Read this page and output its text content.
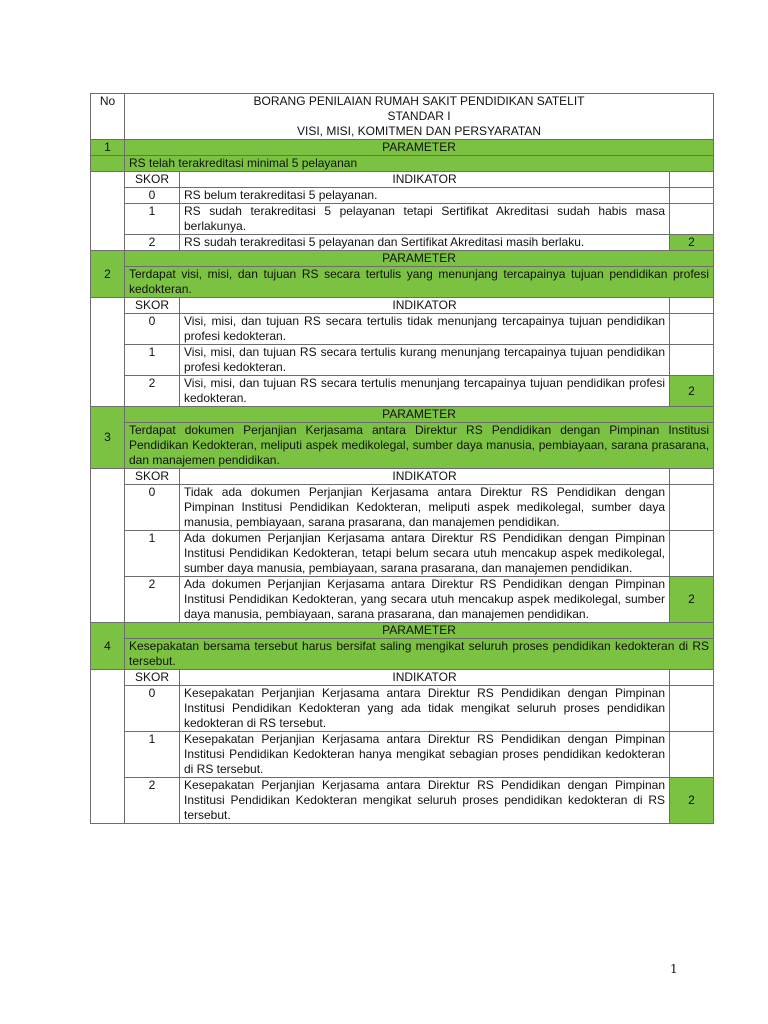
No	BORANG PENILAIAN RUMAH SAKIT PENDIDIKAN SATELIT
STANDAR I
VISI, MISI, KOMITMEN DAN PERSYARATAN		

1	PARAMETER		
	RS telah terakreditasi minimal 5 pelayanan		
	SKOR	INDIKATOR	
	0	RS belum terakreditasi 5 pelayanan.	
	1	RS sudah terakreditasi 5 pelayanan tetapi Sertifikat Akreditasi sudah habis masa berlakunya.	
	2	RS sudah terakreditasi 5 pelayanan dan Sertifikat Akreditasi masih berlaku.	2
2	PARAMETER		
	Terdapat visi, misi, dan tujuan RS secara tertulis yang menunjang tercapainya tujuan pendidikan profesi kedokteran.		
	SKOR	INDIKATOR	
	0	Visi, misi, dan tujuan RS secara tertulis tidak menunjang tercapainya tujuan pendidikan profesi kedokteran.	
	1	Visi, misi, dan tujuan RS secara tertulis kurang menunjang tercapainya tujuan pendidikan profesi kedokteran.	
	2	Visi, misi, dan tujuan RS secara tertulis menunjang tercapainya tujuan pendidikan profesi kedokteran.	2
3	PARAMETER		
	Terdapat dokumen Perjanjian Kerjasama antara Direktur RS Pendidikan dengan Pimpinan Institusi Pendidikan Kedokteran, meliputi aspek medikolegal, sumber daya manusia, pembiayaan, sarana prasarana, dan manajemen pendidikan.		
	SKOR	INDIKATOR	
	0	Tidak ada dokumen Perjanjian Kerjasama antara Direktur RS Pendidikan dengan Pimpinan Institusi Pendidikan Kedokteran, meliputi aspek medikolegal, sumber daya manusia, pembiayaan, sarana prasarana, dan manajemen pendidikan.	
	1	Ada dokumen Perjanjian Kerjasama antara Direktur RS Pendidikan dengan Pimpinan Institusi Pendidikan Kedokteran, tetapi belum secara utuh mencakup aspek medikolegal, sumber daya manusia, pembiayaan, sarana prasarana, dan manajemen pendidikan.	
	2	Ada dokumen Perjanjian Kerjasama antara Direktur RS Pendidikan dengan Pimpinan Institusi Pendidikan Kedokteran, yang secara utuh mencakup aspek medikolegal, sumber daya manusia, pembiayaan, sarana prasarana, dan manajemen pendidikan.	2
4	PARAMETER		
	Kesepakatan bersama tersebut harus bersifat saling mengikat seluruh proses pendidikan kedokteran di RS tersebut.		
	SKOR	INDIKATOR	
	0	Kesepakatan Perjanjian Kerjasama antara Direktur RS Pendidikan dengan Pimpinan Institusi Pendidikan Kedokteran yang ada tidak mengikat seluruh proses pendidikan kedokteran di RS tersebut.	
	1	Kesepakatan Perjanjian Kerjasama antara Direktur RS Pendidikan dengan Pimpinan Institusi Pendidikan Kedokteran hanya mengikat sebagian proses pendidikan kedokteran di RS tersebut.	
	2	Kesepakatan Perjanjian Kerjasama antara Direktur RS Pendidikan dengan Pimpinan Institusi Pendidikan Kedokteran mengikat seluruh proses pendidikan kedokteran di RS tersebut.	2
1
